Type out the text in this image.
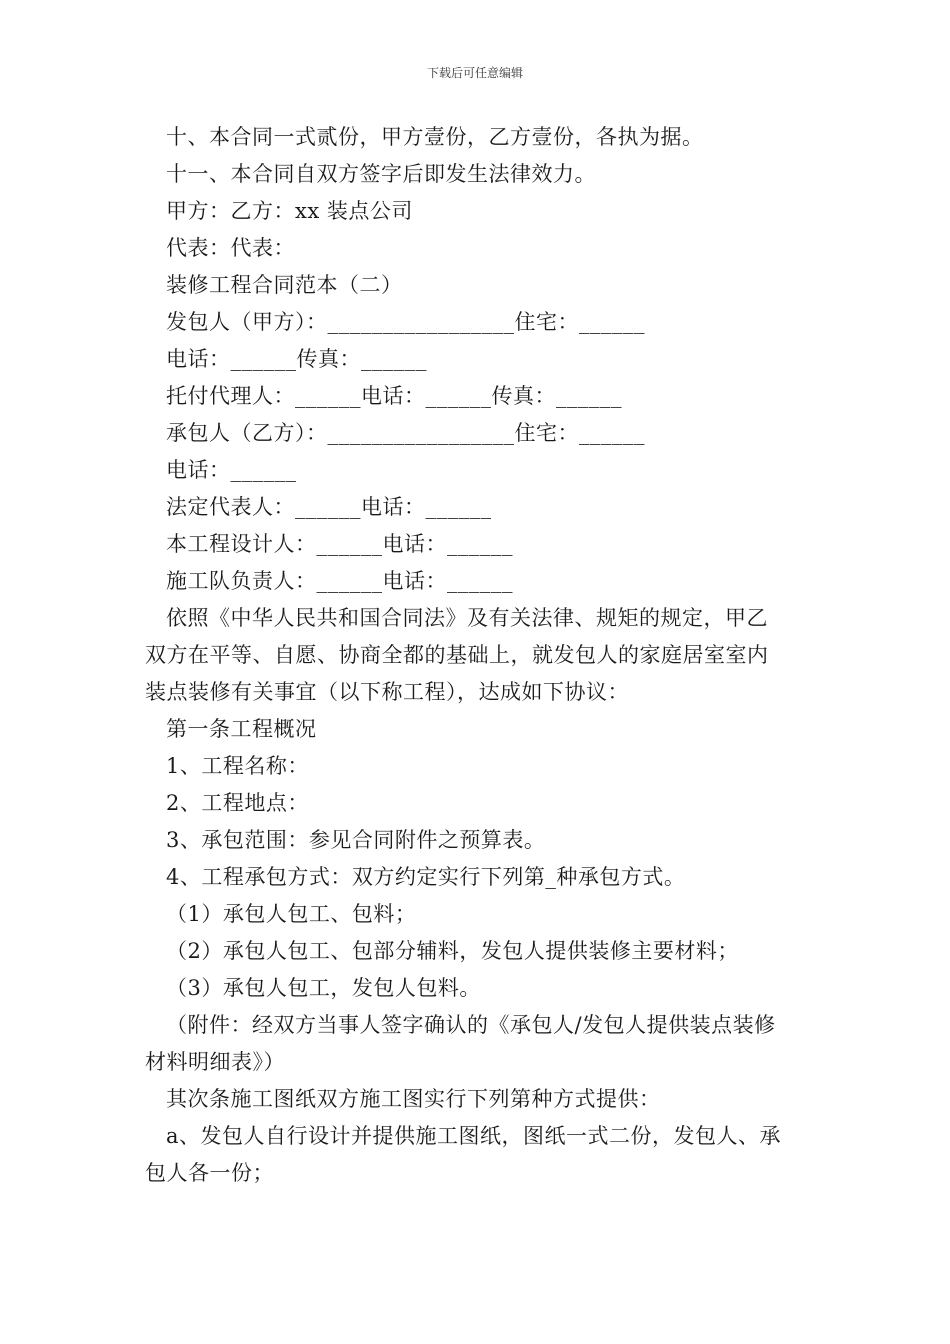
下载后可任意编辑
十、本合同一式贰份，甲方壹份，乙方壹份，各执为据。
十一、本合同自双方签字后即发生法律效力。
甲方：乙方：xx 装点公司
代表：代表：
装修工程合同范本（二）
发包人（甲方）：_________________住宅：______
电话：______传真：______
托付代理人：______电话：______传真：______
承包人（乙方）：_________________住宅：______
电话：______
法定代表人：______电话：______
本工程设计人：______电话：______
施工队负责人：______电话：______
依照《中华人民共和国合同法》及有关法律、规矩的规定，甲乙
双方在平等、自愿、协商全都的基础上，就发包人的家庭居室室内
装点装修有关事宜（以下称工程），达成如下协议：
第一条工程概况
1、工程名称：
2、工程地点：
3、承包范围：参见合同附件之预算表。
4、工程承包方式：双方约定实行下列第_种承包方式。
（1）承包人包工、包料；
（2）承包人包工、包部分辅料，发包人提供装修主要材料；
（3）承包人包工，发包人包料。
（附件：经双方当事人签字确认的《承包人/发包人提供装点装修
材料明细表》）
其次条施工图纸双方施工图实行下列第种方式提供：
a、发包人自行设计并提供施工图纸，图纸一式二份，发包人、承
包人各一份；
